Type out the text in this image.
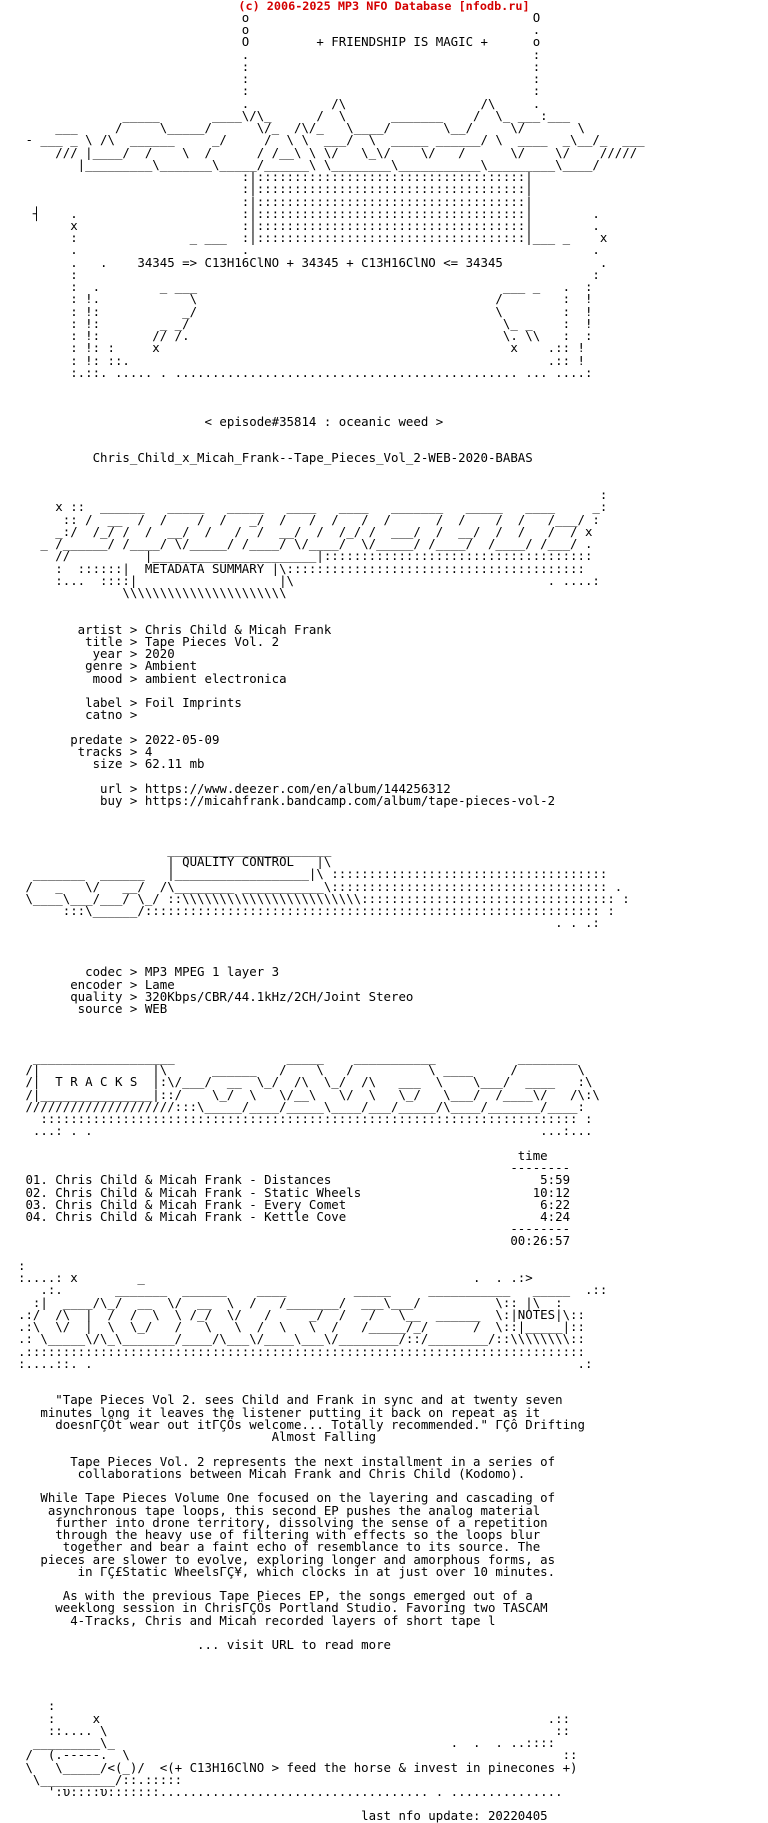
(c) 2006-2025 MP3 NFO Database [nfodb.ru]
o                                      O
o                                      .
O         + FRIENDSHIP IS MAGIC +      o
.                                      :
:                                      :
:                                      :
:                                      :
.           /\                  /\     .
_____       ____\/\_      /  \      _______    /  \_ ___:___
___     /     \_____/      \/_  /\/_   \____/       \__/     \/       \
- ___ _ \ /\  ______     _/     /  \ \  ___/  \  _____ ______/ \  ____  _\__/_  ___
/// |____/  /    \  /      / /__\ \ \/   \_\/    \/   /      \/    \/    /////
|_________\_______\_____/______\ \________\___________\_________\____/
:|::::::::::::::::::::::::::::::::::::|
:|::::::::::::::::::::::::::::::::::::|
:|::::::::::::::::::::::::::::::::::::|
┤    .                      :|::::::::::::::::::::::::::::::::::::|        .
x                      :|::::::::::::::::::::::::::::::::::::|        .
:               _ ___  :|::::::::::::::::::::::::::::::::::::|___ _    x
.                      .                                              .
.   .    34345 => C13H16ClNO + 34345 + C13H16ClNO <= 34345             .
:                                                                     :
:  .        _ ___                                         ___ _   .  :
: !.            \                                        /        :  !
: !:           _/                                        \        :  !
: !:        _ _/                                          \_ _    :  !
: !:       // /.                                          \. \\   :  :
: !: :     x                                               x    .:: !
: !: ::.                                                        .:: !
:.::. ..... . .............................................. ... ....:

< episode#35814 : oceanic weed >

Chris_Child_x_Micah_Frank--Tape_Pieces_Vol_2-WEB-2020-BABAS

:
x ::  ______   _____   _____   ____   ____   _______   _____   ____     _:
:: /  __  /  /    /  /   _/  /   /  /   /  /      /  /    /  /   /___/ :
_:/  /_/ /  /  __/  /   /  /  __/  /  /_/ /  ___/  /  __/  /  /   /  / x
_ /______/ /____/ \/_____/ /____/ \/____/  \/_____/ /____/  /____/ /___/ .
//          |______________________|::::::::::::::::::::::::::::::::::::
:  ::::::|  METADATA SUMMARY |\::::::::::::::::::::::::::::::::::::::::
:...  ::::|                   |\                                  . ....:
\\\\\\\\\\\\\\\\\\\\\\

artist > Chris Child & Micah Frank
title > Tape Pieces Vol. 2
year > 2020
genre > Ambient
mood > ambient electronica

label > Foil Imprints
catno >

predate > 2022-05-09
tracks > 4
size > 62.11 mb

url > https://www.deezer.com/en/album/144256312
buy > https://micahfrank.bandcamp.com/album/tape-pieces-vol-2

______________________
| QUALITY CONTROL   |\
_______  ______   |__________________|\ :::::::::::::::::::::::::::::::::::::
/   _   \/   __/  /\________ ___________\::::::::::::::::::::::::::::::::::::: .
\____\___/___/ \_/ ::\\\\\\\\\\\\\\\\\\\\\\\\:::::::::::::::::::::::::::::::::: :
:::\______/::::::::::::::::::::::::::::::::::::::::::::::::::::::::::::: :
. . .:

codec > MP3 MPEG 1 layer 3
encoder > Lame
quality > 320Kbps/CBR/44.1kHz/2CH/Joint Stereo
source > WEB

___________________               _____    ___________           ________
/|               |\      ______   /    \   /          \ ____     /        \
/|  T R A C K S  |:\/___/  __  \_/  /\  \_/  /\   ___  \    \___/  ____   :\
/|_______________|::/    \_/  \   \/__\   \/  \   \_/   \___/  /____\/   /\:\
////////////////////:::\_____/____/_____\____/___/_____/\____/_______/____:
:::::::::::::::::::::::::::::::::::::::::::::::::::::::::::::::::::::::: :
...: . .                                                            ...:...

time
--------
01. Chris Child & Micah Frank - Distances                            5:59
02. Chris Child & Micah Frank - Static Wheels                       10:12
03. Chris Child & Micah Frank - Every Comet                          6:22
04. Chris Child & Micah Frank - Kettle Cove                          4:24
--------
00:26:57

:
:....: x        _                                            .  . .:>
.:.       _______  ______    ____         _____     ___________   _____  .::
:|  ____/\_/  __  \/  __  \  /   /_______/  ___\___/          \:: |\  :
.:/  /\  |  /  /  \  \ /_/  \/   /     _/  /   /   \__  ______  \:|NOTES|\::
.:\  \/  |  \  \_/   /   \   \  /  \   \  /   /_____/_/      /  \::|_____|::
.: \_____\/\_\_______/____/\___\/____\___\/________/::/________/::\\\\\\\\::
.:::::::::::::::::::::::::::::::::::::::::::::::::::::::::::::::::::::::::::
:....::. .                                                                 .:

"Tape Pieces Vol 2. sees Child and Frank in sync and at twenty seven
minutes long it leaves the listener putting it back on repeat as it
doesnΓÇÖt wear out itΓÇÖs welcome... Totally recommended." ΓÇô Drifting
Almost Falling

Tape Pieces Vol. 2 represents the next installment in a series of
collaborations between Micah Frank and Chris Child (Kodomo).

While Tape Pieces Volume One focused on the layering and cascading of
asynchronous tape loops, this second EP pushes the analog material
further into drone territory, dissolving the sense of a repetition
through the heavy use of filtering with effects so the loops blur
together and bear a faint echo of resemblance to its source. The
pieces are slower to evolve, exploring longer and amorphous forms, as
in ΓÇ£Static WheelsΓÇ¥, which clocks in at just over 10 minutes.

As with the previous Tape Pieces EP, the songs emerged out of a
weeklong session in ChrisΓÇÖs Portland Studio. Favoring two TASCAM
4-Tracks, Chris and Micah recorded layers of short tape l

... visit URL to read more

:
:     x                                                            .::
::.... \                                                            ::
_________\_                                             .  .  . ..::::
/  (.-----.  \                                                          ::
\   \_____/<(_)/  <(+ C13H16ClNO > feed the horse & invest in pinecones +)
\__________/::.:::::
':υ::::υ:::::::.................................... . ...............

last nfo update: 20220405
